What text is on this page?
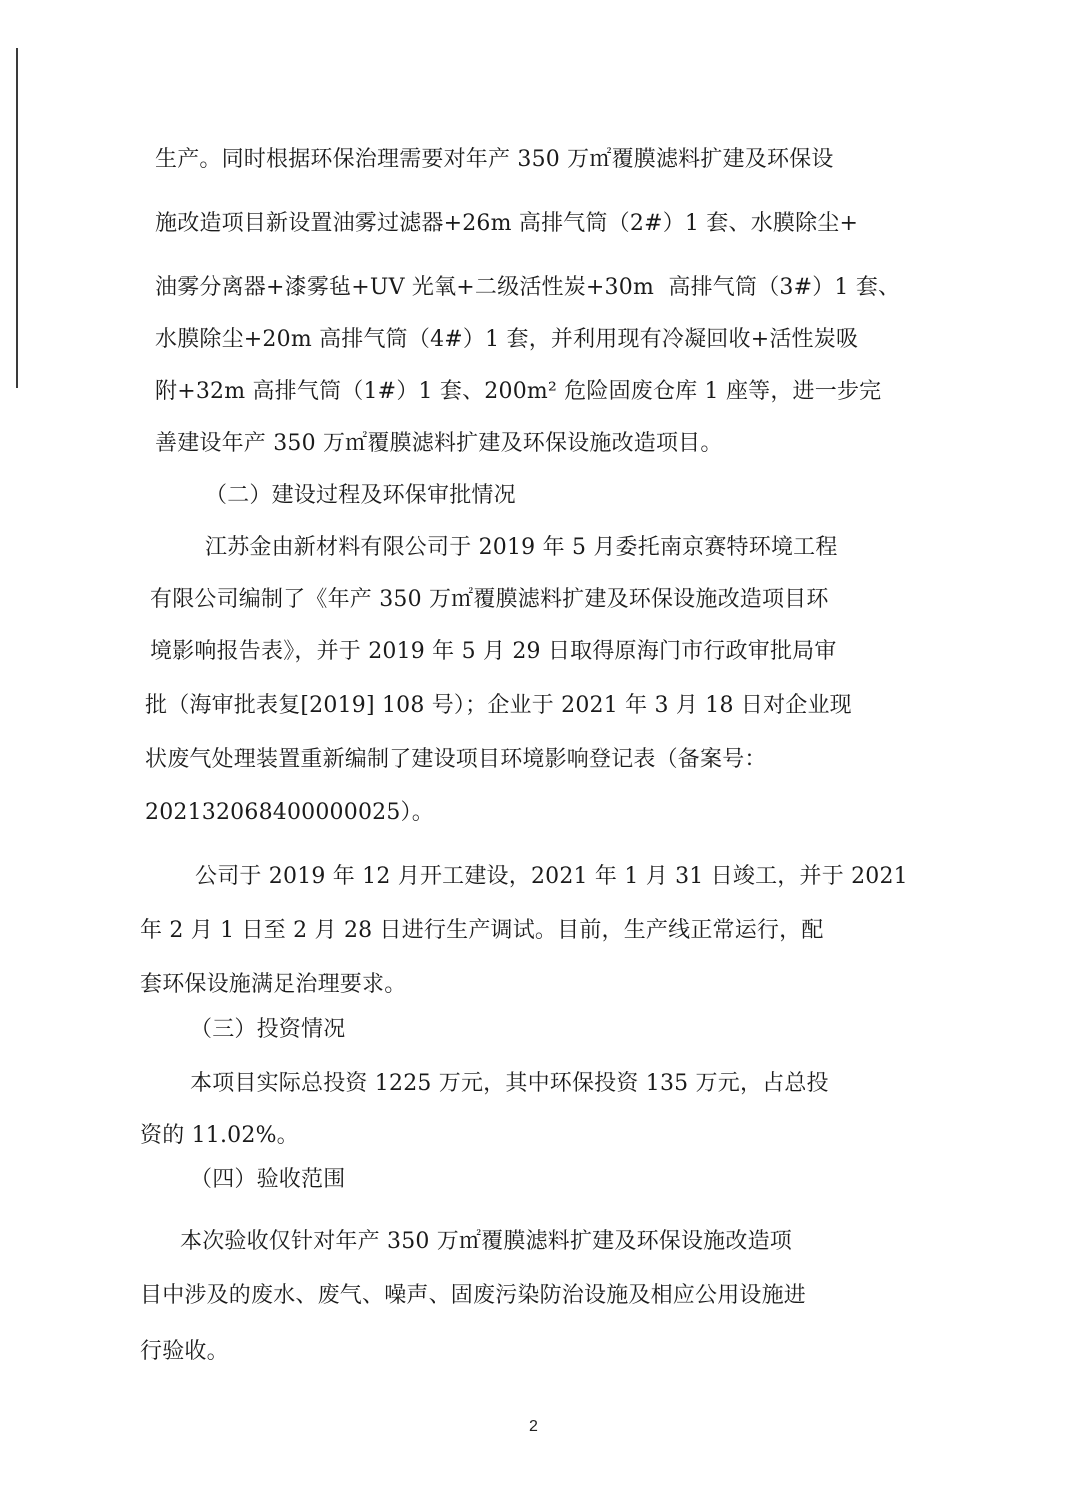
生产。同时根据环保治理需要对年产 350 万㎡覆膜滤料扩建及环保设
施改造项目新设置油雾过滤器+26m 高排气筒（2#）1 套、水膜除尘+
油雾分离器+漆雾毡+UV 光氧+二级活性炭+30m  高排气筒（3#）1 套、
水膜除尘+20m 高排气筒（4#）1 套，并利用现有冷凝回收+活性炭吸
附+32m 高排气筒（1#）1 套、200m² 危险固废仓库 1 座等，进一步完
善建设年产 350 万㎡覆膜滤料扩建及环保设施改造项目。
（二）建设过程及环保审批情况
江苏金由新材料有限公司于 2019 年 5 月委托南京赛特环境工程
有限公司编制了《年产 350 万㎡覆膜滤料扩建及环保设施改造项目环
境影响报告表》，并于 2019 年 5 月 29 日取得原海门市行政审批局审
批（海审批表复[2019] 108 号）；企业于 2021 年 3 月 18 日对企业现
状废气处理装置重新编制了建设项目环境影响登记表（备案号：
202132068400000025）。
公司于 2019 年 12 月开工建设，2021 年 1 月 31 日竣工，并于 2021
年 2 月 1 日至 2 月 28 日进行生产调试。目前，生产线正常运行，配
套环保设施满足治理要求。
（三）投资情况
本项目实际总投资 1225 万元，其中环保投资 135 万元，占总投
资的 11.02%。
（四）验收范围
本次验收仅针对年产 350 万㎡覆膜滤料扩建及环保设施改造项
目中涉及的废水、废气、噪声、固废污染防治设施及相应公用设施进
行验收。
2
